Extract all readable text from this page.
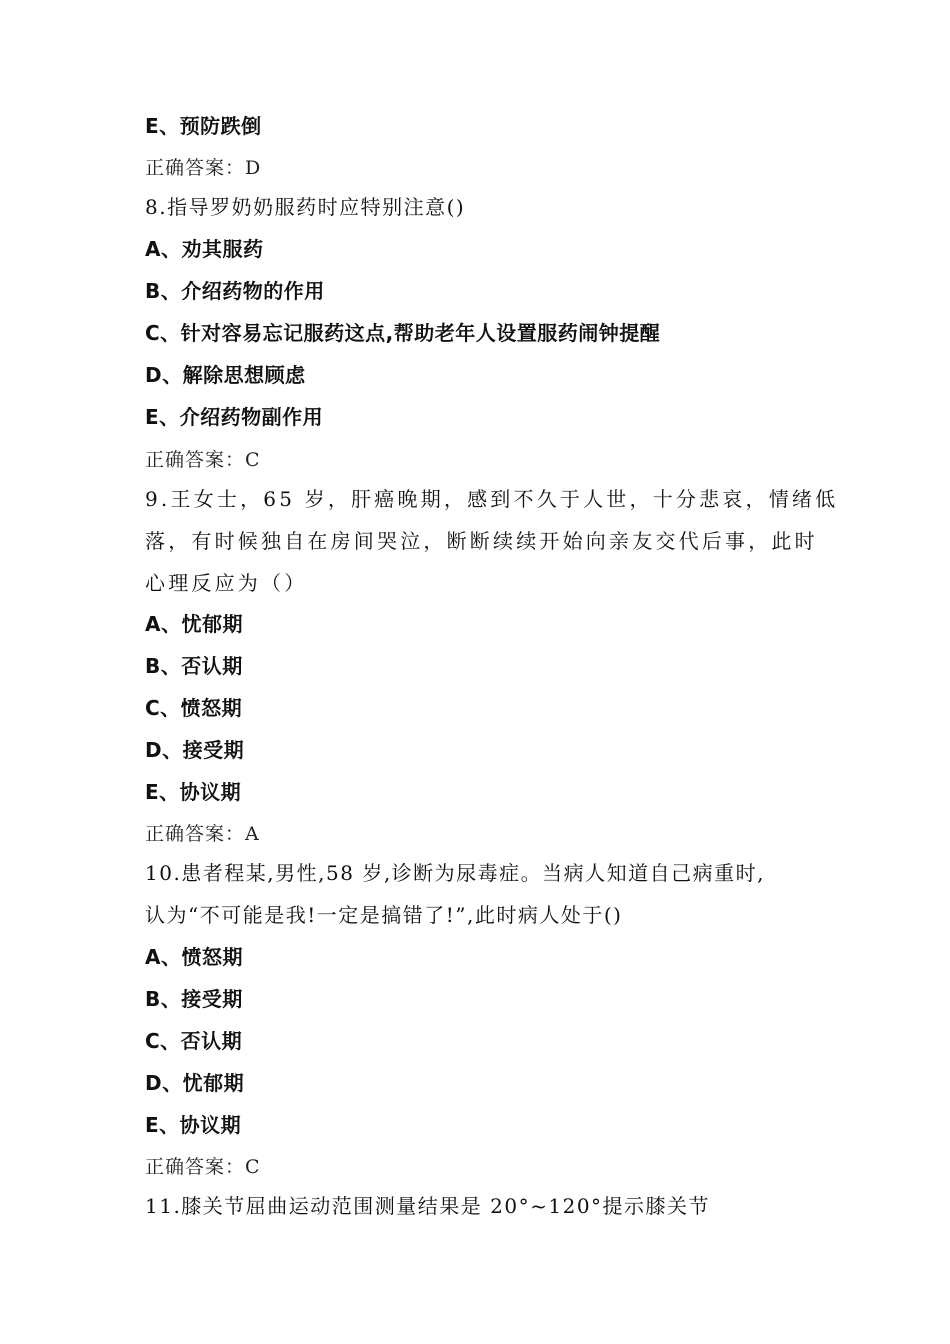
E、预防跌倒
正确答案：D
8.指导罗奶奶服药时应特别注意()
A、劝其服药
B、介绍药物的作用
C、针对容易忘记服药这点,帮助老年人设置服药闹钟提醒
D、解除思想顾虑
E、介绍药物副作用
正确答案：C
9.王女士，65 岁，肝癌晚期，感到不久于人世，十分悲哀，情绪低
落，有时候独自在房间哭泣，断断续续开始向亲友交代后事，此时
心理反应为（）
A、忧郁期
B、否认期
C、愤怒期
D、接受期
E、协议期
正确答案：A
10.患者程某,男性,58 岁,诊断为尿毒症。当病人知道自己病重时,
认为“不可能是我!一定是搞错了!”,此时病人处于()
A、愤怒期
B、接受期
C、否认期
D、忧郁期
E、协议期
正确答案：C
11.膝关节屈曲运动范围测量结果是 20°~120°提示膝关节
